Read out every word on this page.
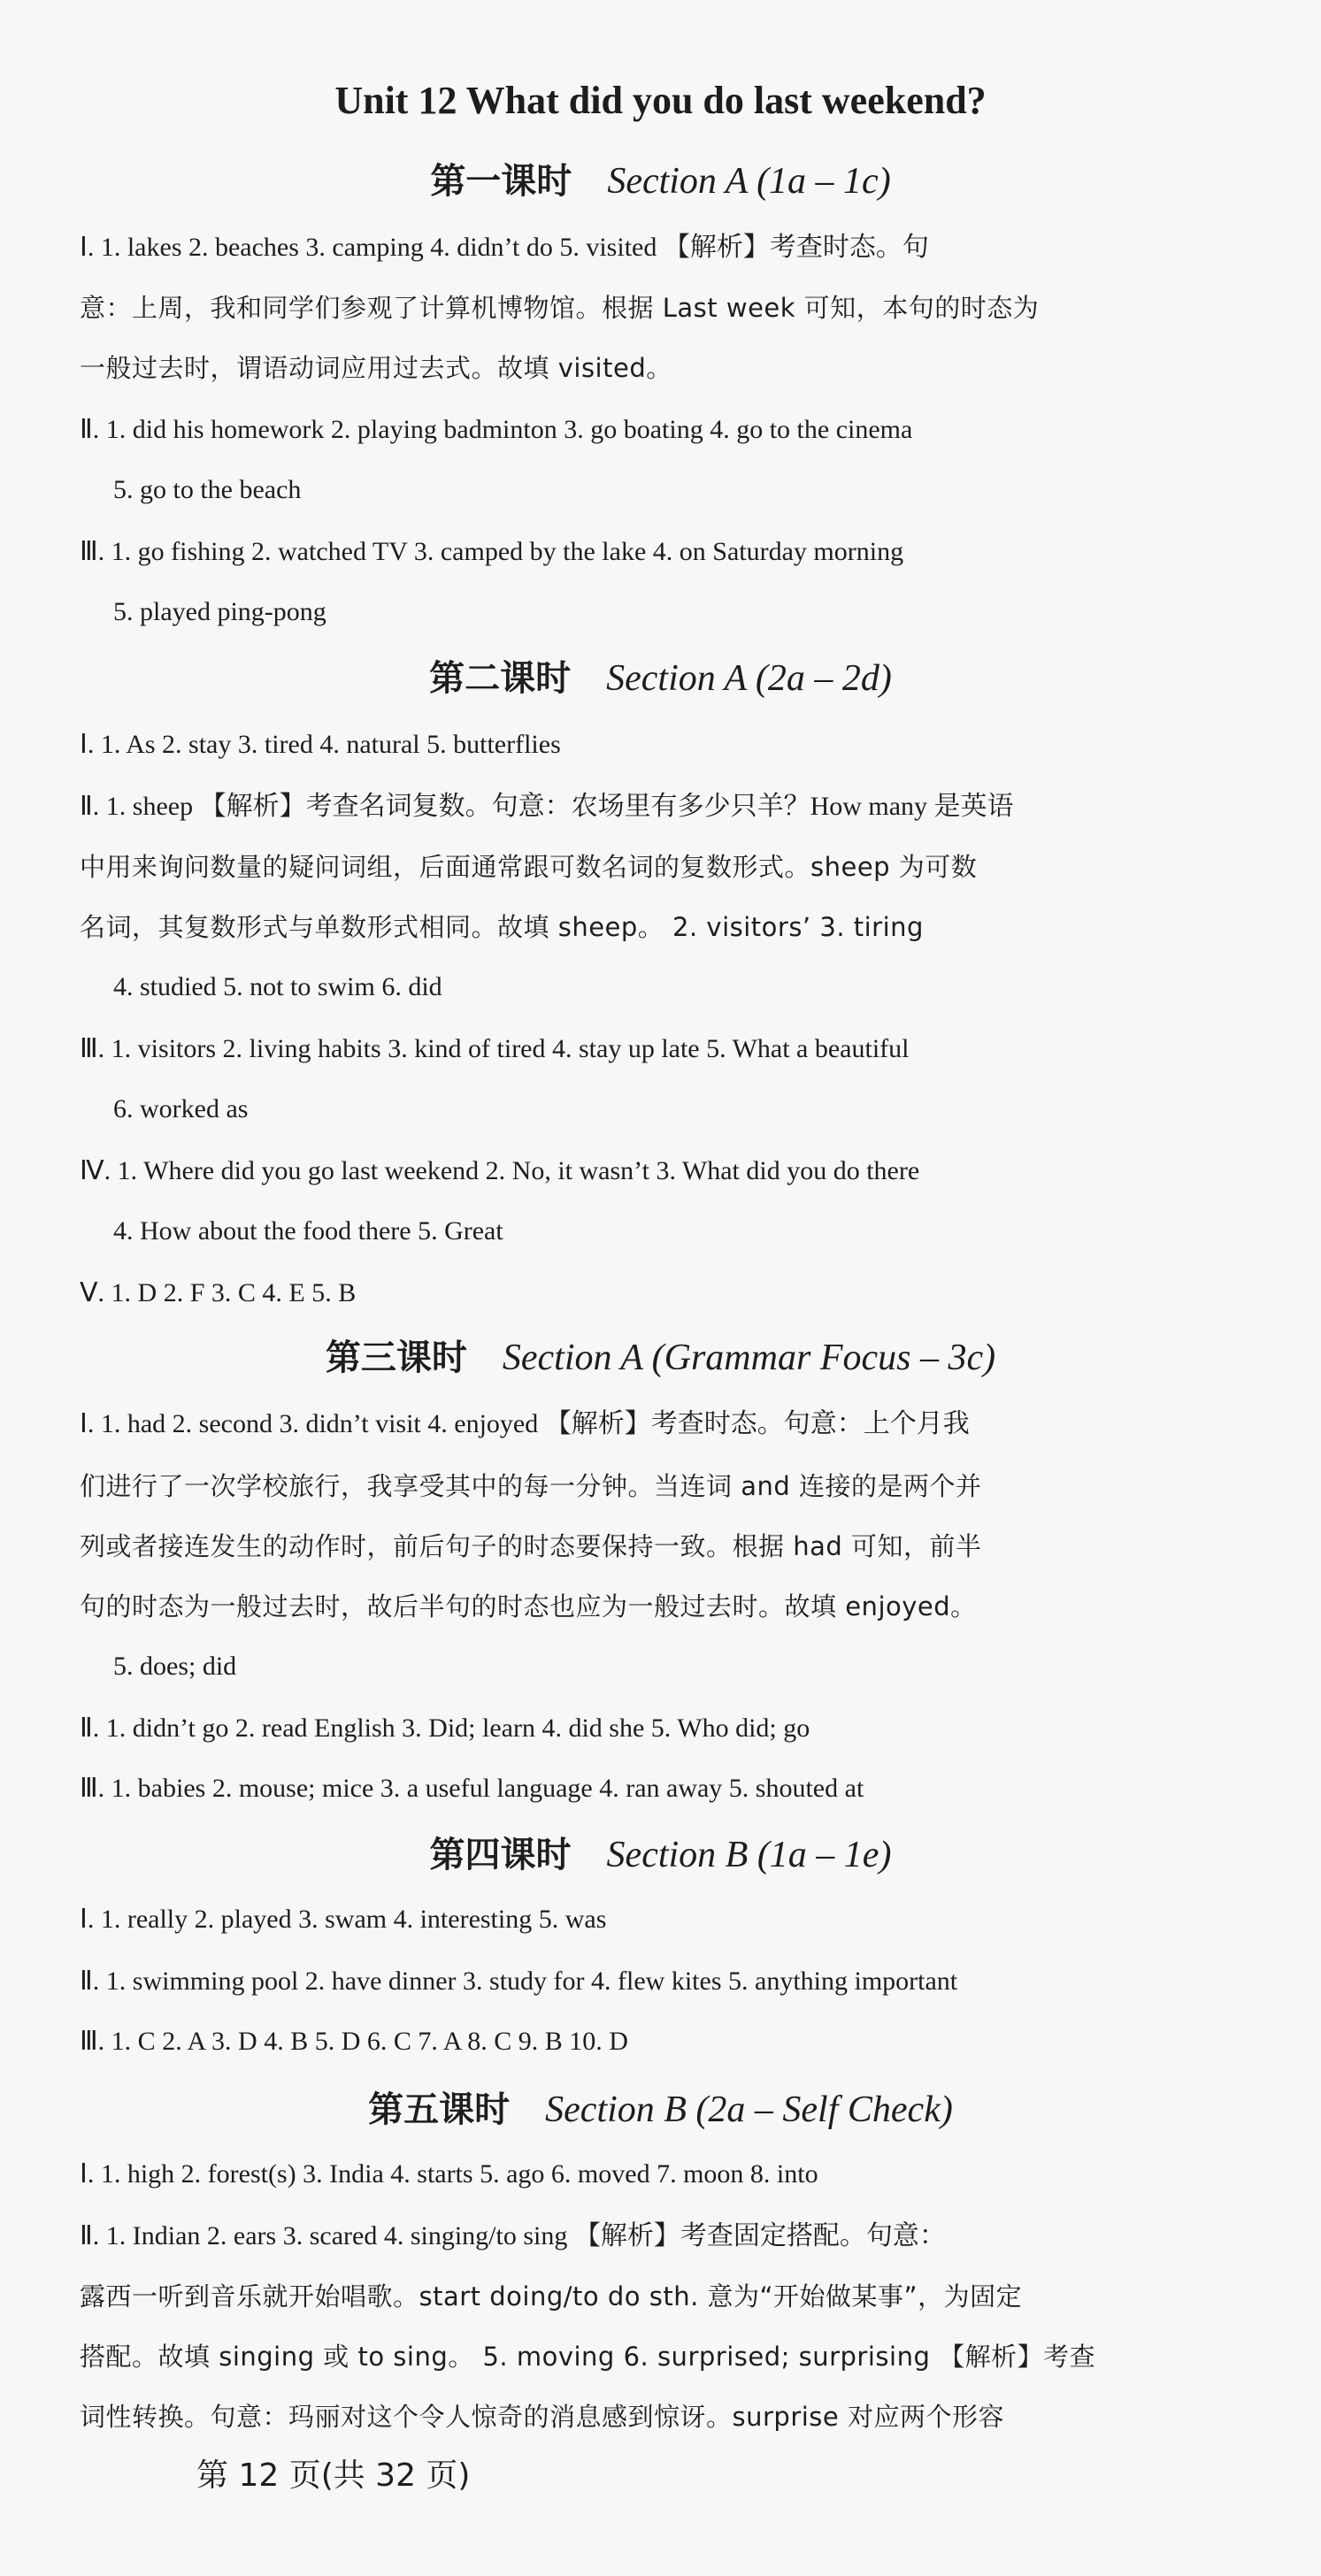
Unit 12 What did you do last weekend?
第一课时 Section A (1a – 1c)
Ⅰ. 1. lakes 2. beaches 3. camping 4. didn’t do 5. visited 【解析】考查时态。句
意：上周，我和同学们参观了计算机博物馆。根据 Last week 可知，本句的时态为
一般过去时，谓语动词应用过去式。故填 visited。
Ⅱ. 1. did his homework 2. playing badminton 3. go boating 4. go to the cinema
5. go to the beach
Ⅲ. 1. go fishing 2. watched TV 3. camped by the lake 4. on Saturday morning
5. played ping-pong
第二课时 Section A (2a – 2d)
Ⅰ. 1. As 2. stay 3. tired 4. natural 5. butterflies
Ⅱ. 1. sheep 【解析】考查名词复数。句意：农场里有多少只羊？How many 是英语
中用来询问数量的疑问词组，后面通常跟可数名词的复数形式。sheep 为可数
名词，其复数形式与单数形式相同。故填 sheep。 2. visitors’ 3. tiring
4. studied 5. not to swim 6. did
Ⅲ. 1. visitors 2. living habits 3. kind of tired 4. stay up late 5. What a beautiful
6. worked as
Ⅳ. 1. Where did you go last weekend 2. No, it wasn’t 3. What did you do there
4. How about the food there 5. Great
Ⅴ. 1. D 2. F 3. C 4. E 5. B
第三课时 Section A (Grammar Focus – 3c)
Ⅰ. 1. had 2. second 3. didn’t visit 4. enjoyed 【解析】考查时态。句意：上个月我
们进行了一次学校旅行，我享受其中的每一分钟。当连词 and 连接的是两个并
列或者接连发生的动作时，前后句子的时态要保持一致。根据 had 可知，前半
句的时态为一般过去时，故后半句的时态也应为一般过去时。故填 enjoyed。
5. does; did
Ⅱ. 1. didn’t go 2. read English 3. Did; learn 4. did she 5. Who did; go
Ⅲ. 1. babies 2. mouse; mice 3. a useful language 4. ran away 5. shouted at
第四课时 Section B (1a – 1e)
Ⅰ. 1. really 2. played 3. swam 4. interesting 5. was
Ⅱ. 1. swimming pool 2. have dinner 3. study for 4. flew kites 5. anything important
Ⅲ. 1. C 2. A 3. D 4. B 5. D 6. C 7. A 8. C 9. B 10. D
第五课时 Section B (2a – Self Check)
Ⅰ. 1. high 2. forest(s) 3. India 4. starts 5. ago 6. moved 7. moon 8. into
Ⅱ. 1. Indian 2. ears 3. scared 4. singing/to sing 【解析】考查固定搭配。句意：
露西一听到音乐就开始唱歌。start doing/to do sth. 意为“开始做某事”，为固定
搭配。故填 singing 或 to sing。 5. moving 6. surprised; surprising 【解析】考查
词性转换。句意：玛丽对这个令人惊奇的消息感到惊讶。surprise 对应两个形容
第 12 页(共 32 页)
